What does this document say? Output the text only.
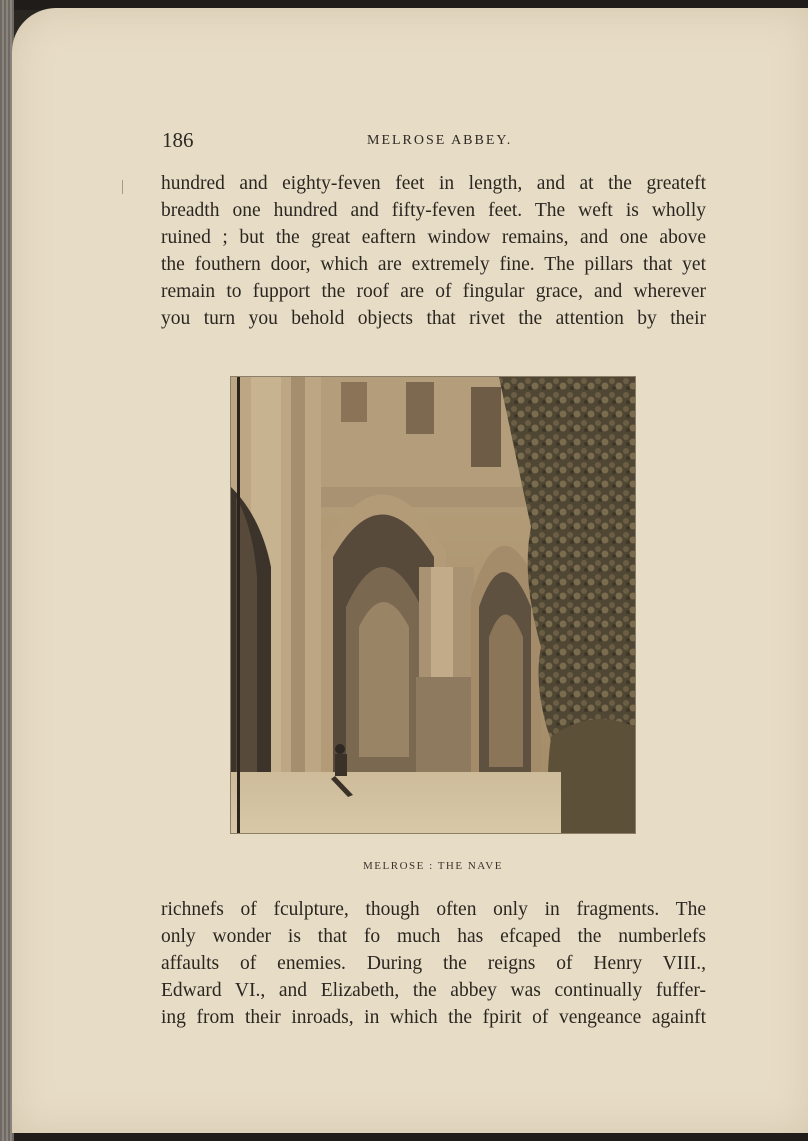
186	MELROSE ABBEY.
hundred and eighty-feven feet in length, and at the greateft
breadth one hundred and fifty-feven feet. The weft is wholly
ruined ; but the great eaftern window remains, and one above
the fouthern door, which are extremely fine. The pillars that yet
remain to fupport the roof are of fingular grace, and wherever
you turn you behold objects that rivet the attention by their
MELROSE : THE NAVE
richnefs of fculpture, though often only in fragments. The
only wonder is that fo much has efcaped the numberlefs
affaults of enemies. During the reigns of Henry VIII.,
Edward VI., and Elizabeth, the abbey was continually fuffer-
ing from their inroads, in which the fpirit of vengeance againft
